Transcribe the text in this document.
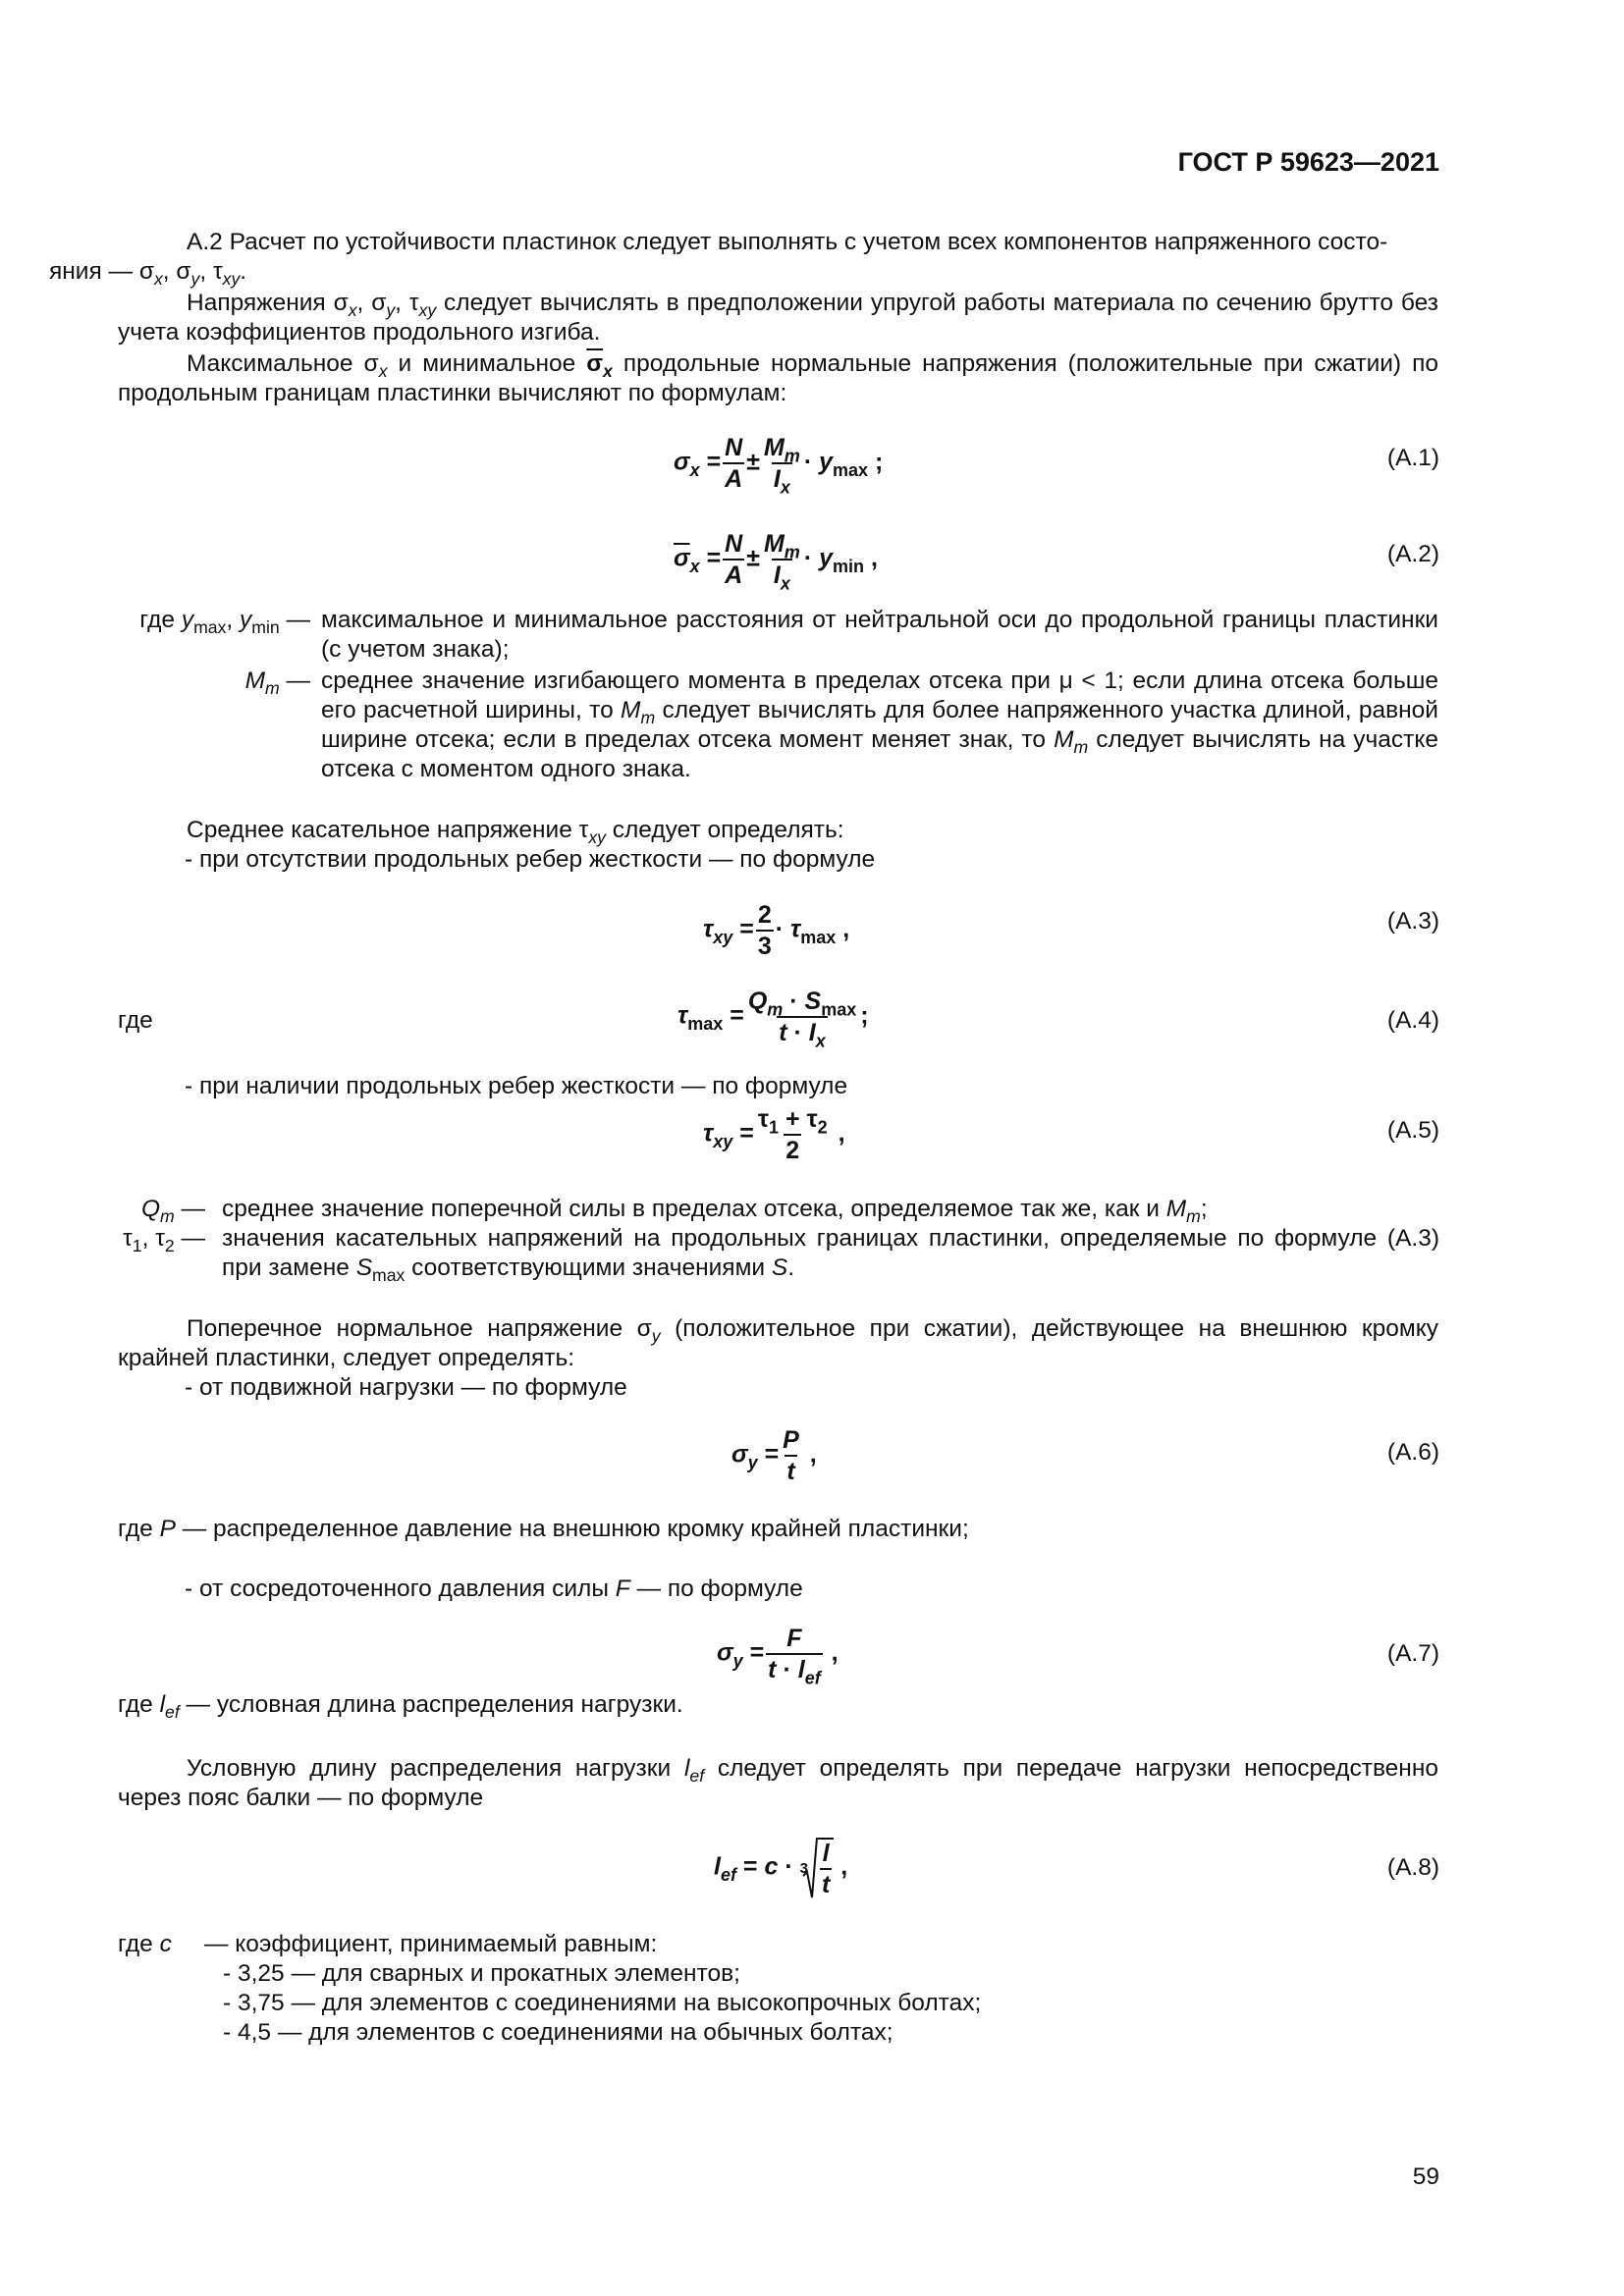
ГОСТ Р 59623—2021
А.2 Расчет по устойчивости пластинок следует выполнять с учетом всех компонентов напряженного состо-
яния — $\sigma_x$, $\sigma_y$, $\tau_{xy}$.
Напряжения $\sigma_x$, $\sigma_y$, $\tau_{xy}$ следует вычислять в предположении упругой работы материала по сечению брутто без учета коэффициентов продольного изгиба.
Максимальное $\sigma_x$ и минимальное $\overline{\sigma}_x$ продольные нормальные напряжения (положительные при сжатии) по продольным границам пластинки вычисляют по формулам:
$\sigma_x = \frac{N}{A} \pm \frac{M_m}{I_x} \cdot y_{max}$ ;	(А.1)
$\overline{\sigma}_x = \frac{N}{A} \pm \frac{M_m}{I_x} \cdot y_{min}$ ,	(А.2)
где $y_{max}$, $y_{min}$ — максимальное и минимальное расстояния от нейтральной оси до продольной границы пластинки (с учетом знака);
$M_m$ — среднее значение изгибающего момента в пределах отсека при μ < 1; если длина отсека больше его расчетной ширины, то $M_m$ следует вычислять для более напряженного участка длиной, равной ширине отсека; если в пределах отсека момент меняет знак, то $M_m$ следует вычислять на участке отсека с моментом одного знака.
Среднее касательное напряжение $\tau_{xy}$ следует определять:
- при отсутствии продольных ребер жесткости — по формуле
$\tau_{xy} = \frac{2}{3} \cdot \tau_{max}$ ,	(А.3)
где	$\tau_{max} = \frac{Q_m \cdot S_{max}}{t \cdot I_x}$ ;	(А.4)
- при наличии продольных ребер жесткости — по формуле
$\tau_{xy} = \frac{\tau_1 + \tau_2}{2}$ ,	(А.5)
$Q_m$ — среднее значение поперечной силы в пределах отсека, определяемое так же, как и $M_m$;
$\tau_1$, $\tau_2$ — значения касательных напряжений на продольных границах пластинки, определяемые по формуле (А.3) при замене $S_{max}$ соответствующими значениями S.
Поперечное нормальное напряжение $\sigma_y$ (положительное при сжатии), действующее на внешнюю кромку крайней пластинки, следует определять:
- от подвижной нагрузки — по формуле
$\sigma_y = \frac{P}{t}$ ,	(А.6)
где P — распределенное давление на внешнюю кромку крайней пластинки;
- от сосредоточенного давления силы F — по формуле
$\sigma_y = \frac{F}{t \cdot l_{ef}}$ ,	(А.7)
где $l_{ef}$ — условная длина распределения нагрузки.
Условную длину распределения нагрузки $l_{ef}$ следует определять при передаче нагрузки непосредственно через пояс балки — по формуле
$l_{ef} = c \cdot 3 \frac{l}{t}$ ,	(А.8)
где c — коэффициент, принимаемый равным:
- 3,25 — для сварных и прокатных элементов;
- 3,75 — для элементов с соединениями на высокопрочных болтах;
- 4,5 — для элементов с соединениями на обычных болтах;
59
